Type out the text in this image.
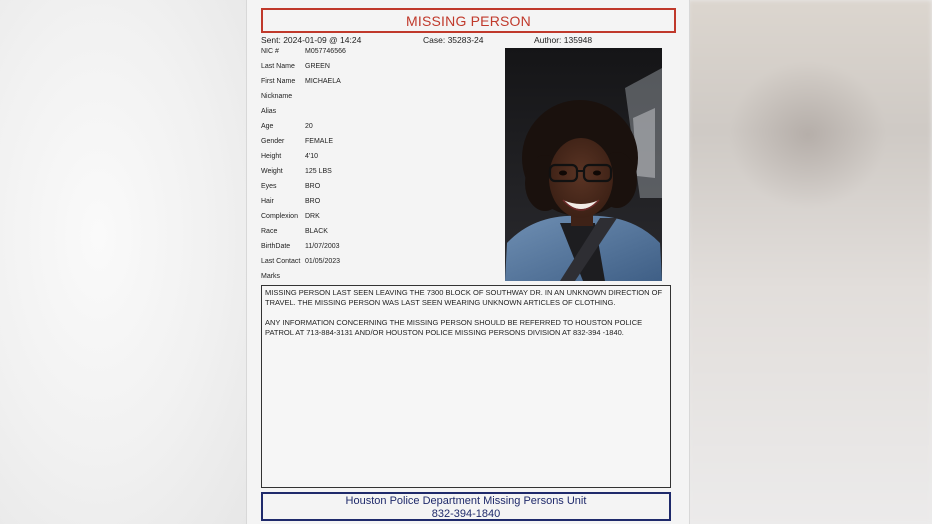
MISSING PERSON
Sent: 2024-01-09 @ 14:24	Case: 35283-24	Author: 135948
NIC #	M057746566
Last Name	GREEN
First Name	MICHAELA
Nickname
Alias
Age	20
Gender	FEMALE
Height	4'10
Weight	125 LBS
Eyes	BRO
Hair	BRO
Complexion	DRK
Race	BLACK
BirthDate	11/07/2003
Last Contact 01/05/2023
Marks

MISSING PERSON LAST SEEN LEAVING THE 7300 BLOCK OF SOUTHWAY DR. IN AN UNKNOWN DIRECTION OF TRAVEL. THE MISSING PERSON WAS LAST SEEN WEARING UNKNOWN ARTICLES OF CLOTHING.

ANY INFORMATION CONCERNING THE MISSING PERSON SHOULD BE REFERRED TO HOUSTON POLICE PATROL AT 713-884-3131 AND/OR HOUSTON POLICE MISSING PERSONS DIVISION AT 832-394 -1840.

Houston Police Department Missing Persons Unit
832-394-1840
